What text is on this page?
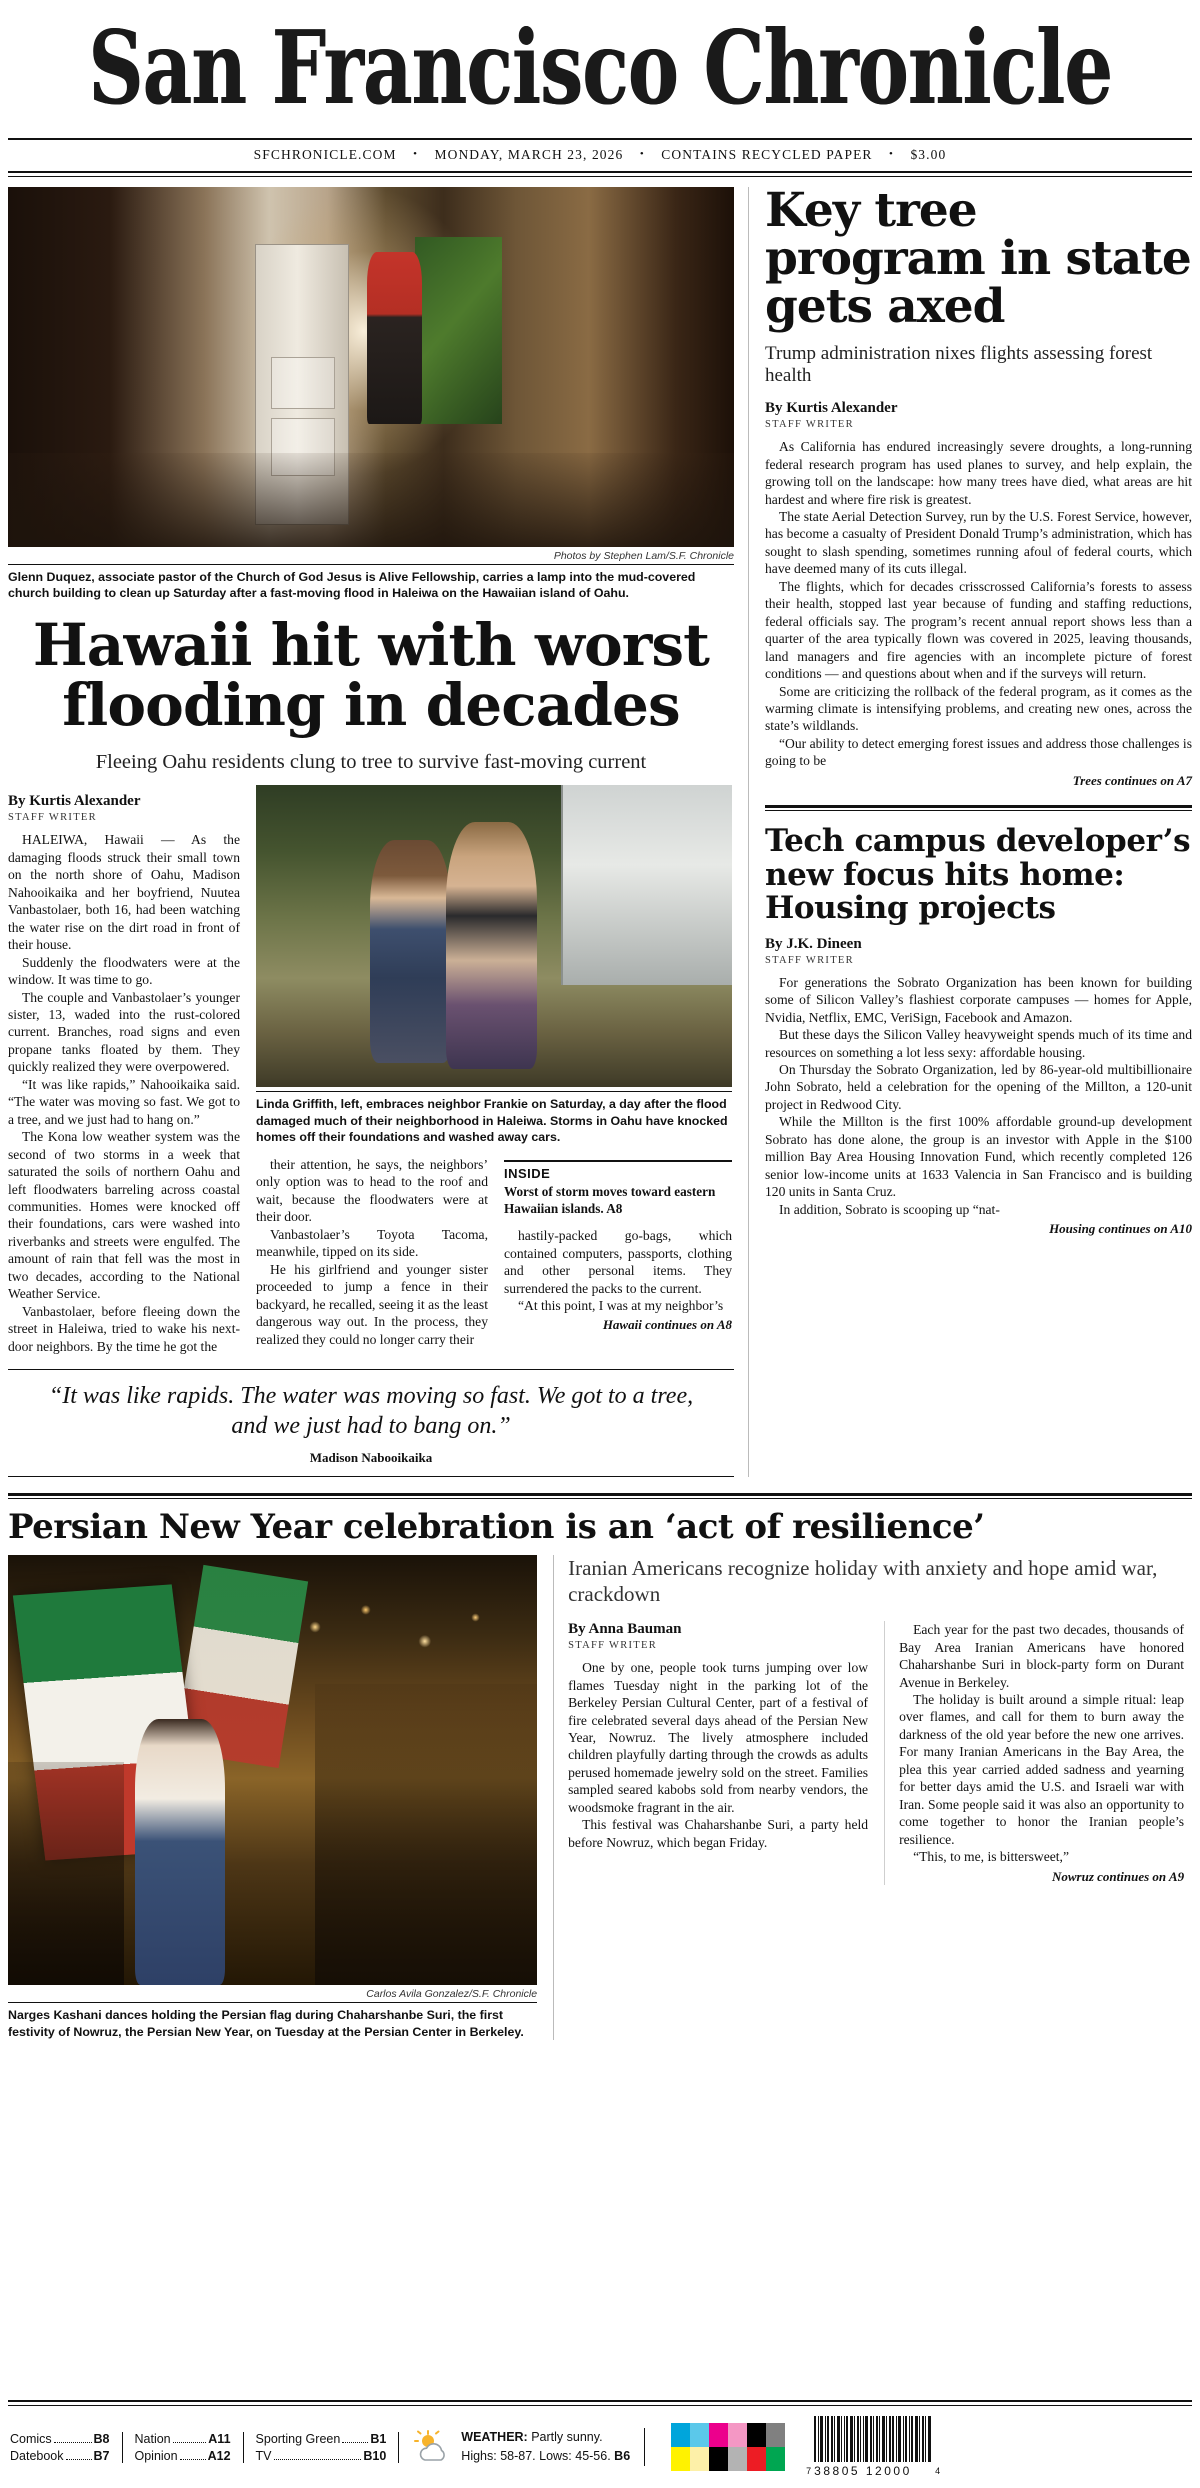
San Francisco Chronicle
SFCHRONICLE.COM • MONDAY, MARCH 23, 2026 • CONTAINS RECYCLED PAPER • $3.00
Photos by Stephen Lam/S.F. Chronicle
Glenn Duquez, associate pastor of the Church of God Jesus is Alive Fellowship, carries a lamp into the mud-covered church building to clean up Saturday after a fast-moving flood in Haleiwa on the Hawaiian island of Oahu.
Hawaii hit with worst flooding in decades
Fleeing Oahu residents clung to tree to survive fast-moving current
By Kurtis Alexander
STAFF WRITER

HALEIWA, Hawaii — As the damaging floods struck their small town on the north shore of Oahu, Madison Nahooikaika and her boyfriend, Nuutea Vanbastolaer, both 16, had been watching the water rise on the dirt road in front of their house.

Suddenly the floodwaters were at the window. It was time to go.

The couple and Vanbastolaer’s younger sister, 13, waded into the rust-colored current. Branches, road signs and even propane tanks floated by them. They quickly realized they were overpowered.

“It was like rapids,” Nahooikaika said. “The water was moving so fast. We got to a tree, and we just had to hang on.”

The Kona low weather system was the second of two storms in a week that saturated the soils of northern Oahu and left floodwaters barreling across coastal communities. Homes were knocked off their foundations, cars were washed into riverbanks and streets were engulfed. The amount of rain that fell was the most in two decades, according to the National Weather Service.

Vanbastolaer, before fleeing down the street in Haleiwa, tried to wake his next-door neighbors. By the time he got the

Linda Griffith, left, embraces neighbor Frankie on Saturday, a day after the flood damaged much of their neighborhood in Haleiwa. Storms in Oahu have knocked homes off their foundations and washed away cars.

their attention, he says, the neighbors’ only option was to head to the roof and wait, because the floodwaters were at their door.

Vanbastolaer’s Toyota Tacoma, meanwhile, tipped on its side.

He his girlfriend and younger sister proceeded to jump a fence in their backyard, he recalled, seeing it as the least dangerous way out. In the process, they realized they could no longer carry their

INSIDE
Worst of storm moves toward eastern Hawaiian islands. A8

hastily-packed go-bags, which contained computers, passports, clothing and other personal items. They surrendered the packs to the current.

“At this point, I was at my neighbor’s

Hawaii continues on A8
“It was like rapids. The water was moving so fast. We got to a tree, and we just had to bang on.”
Madison Nabooikaika
Key tree program in state gets axed
Trump administration nixes flights assessing forest health
By Kurtis Alexander
STAFF WRITER

As California has endured increasingly severe droughts, a long-running federal research program has used planes to survey, and help explain, the growing toll on the landscape: how many trees have died, what areas are hit hardest and where fire risk is greatest.

The state Aerial Detection Survey, run by the U.S. Forest Service, however, has become a casualty of President Donald Trump’s administration, which has sought to slash spending, sometimes running afoul of federal courts, which have deemed many of its cuts illegal.

The flights, which for decades crisscrossed California’s forests to assess their health, stopped last year because of funding and staffing reductions, federal officials say. The program’s recent annual report shows less than a quarter of the area typically flown was covered in 2025, leaving thousands, land managers and fire agencies with an incomplete picture of forest conditions — and questions about when and if the surveys will return.

Some are criticizing the rollback of the federal program, as it comes as the warming climate is intensifying problems, and creating new ones, across the state’s wildlands.

“Our ability to detect emerging forest issues and address those challenges is going to be

Trees continues on A7
Tech campus developer’s new focus hits home: Housing projects
By J.K. Dineen
STAFF WRITER

For generations the Sobrato Organization has been known for building some of Silicon Valley’s flashiest corporate campuses — homes for Apple, Nvidia, Netflix, EMC, VeriSign, Facebook and Amazon.

But these days the Silicon Valley heavyweight spends much of its time and resources on something a lot less sexy: affordable housing.

On Thursday the Sobrato Organization, led by 86-year-old multibillionaire John Sobrato, held a celebration for the opening of the Millton, a 120-unit project in Redwood City.

While the Millton is the first 100% affordable ground-up development Sobrato has done alone, the group is an investor with Apple in the $100 million Bay Area Housing Innovation Fund, which recently completed 126 senior low-income units at 1633 Valencia in San Francisco and is building 120 units in Santa Cruz.

In addition, Sobrato is scooping up “nat-

Housing continues on A10
Persian New Year celebration is an ‘act of resilience’
Carlos Avila Gonzalez/S.F. Chronicle
Narges Kashani dances holding the Persian flag during Chaharshanbe Suri, the first festivity of Nowruz, the Persian New Year, on Tuesday at the Persian Center in Berkeley.
Iranian Americans recognize holiday with anxiety and hope amid war, crackdown
By Anna Bauman
STAFF WRITER

One by one, people took turns jumping over low flames Tuesday night in the parking lot of the Berkeley Persian Cultural Center, part of a festival of fire celebrated several days ahead of the Persian New Year, Nowruz. The lively atmosphere included children playfully darting through the crowds as adults perused homemade jewelry sold on the street. Families sampled seared kabobs sold from nearby vendors, the woodsmoke fragrant in the air.

This festival was Chaharshanbe Suri, a party held before Nowruz, which began Friday.

Each year for the past two decades, thousands of Bay Area Iranian Americans have honored Chaharshanbe Suri in block-party form on Durant Avenue in Berkeley.

The holiday is built around a simple ritual: leap over flames, and call for them to burn away the darkness of the old year before the new one arrives. For many Iranian Americans in the Bay Area, the plea this year carried added sadness and yearning for better days amid the U.S. and Israeli war with Iran. Some people said it was also an opportunity to come together to honor the Iranian people’s resilience.

“This, to me, is bittersweet,”

Nowruz continues on A9
Comics	B8
Datebook B7
Nation	A11
Opinion A12
Sporting Green B1
TV	B10
WEATHER: Partly sunny.
Highs: 58-87. Lows: 45-56. B6
7 38805 12000	4
